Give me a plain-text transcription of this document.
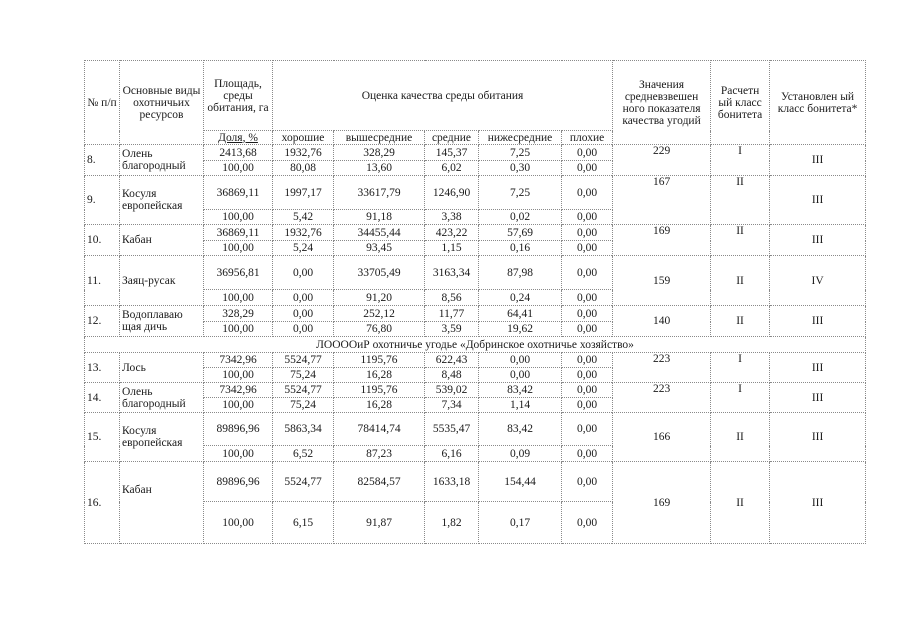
№ п/п	Основные виды охотничьих ресурсов	Площадь, среды обитания, га	Оценка качества среды обитания					Значения средневзвешен ного показателя качества угодий	Расчетн ый класс бонитета	Установлен ый класс бонитета*
		Доля, %	хорошие	вышесредние	средние	нижесредние	плохие			
8.	Олень благородный	2413,68	1932,76	328,29	145,37	7,25	0,00	229	I	III
		100,00	80,08	13,60	6,02	0,30	0,00			
9.	Косуля европейская	36869,11	1997,17	33617,79	1246,90	7,25	0,00	167	II	III
		100,00	5,42	91,18	3,38	0,02	0,00			
10.	Кабан	36869,11	1932,76	34455,44	423,22	57,69	0,00	169	II	III
		100,00	5,24	93,45	1,15	0,16	0,00			
11.	Заяц-русак	36956,81	0,00	33705,49	3163,34	87,98	0,00	159	II	IV
		100,00	0,00	91,20	8,56	0,24	0,00			
12.	Водоплаваю щая дичь	328,29	0,00	252,12	11,77	64,41	0,00	140	II	III
		100,00	0,00	76,80	3,59	19,62	0,00			
ЛООООиР охотничье угодье «Добринское охотничье хозяйство»										
13.	Лось	7342,96	5524,77	1195,76	622,43	0,00	0,00	223	I	III
		100,00	75,24	16,28	8,48	0,00	0,00			
14.	Олень благородный	7342,96	5524,77	1195,76	539,02	83,42	0,00	223	I	III
		100,00	75,24	16,28	7,34	1,14	0,00			
15.	Косуля европейская	89896,96	5863,34	78414,74	5535,47	83,42	0,00	166	II	III
		100,00	6,52	87,23	6,16	0,09	0,00			
16.	Кабан	89896,96	5524,77	82584,57	1633,18	154,44	0,00	169	II	III
		100,00	6,15	91,87	1,82	0,17	0,00			
